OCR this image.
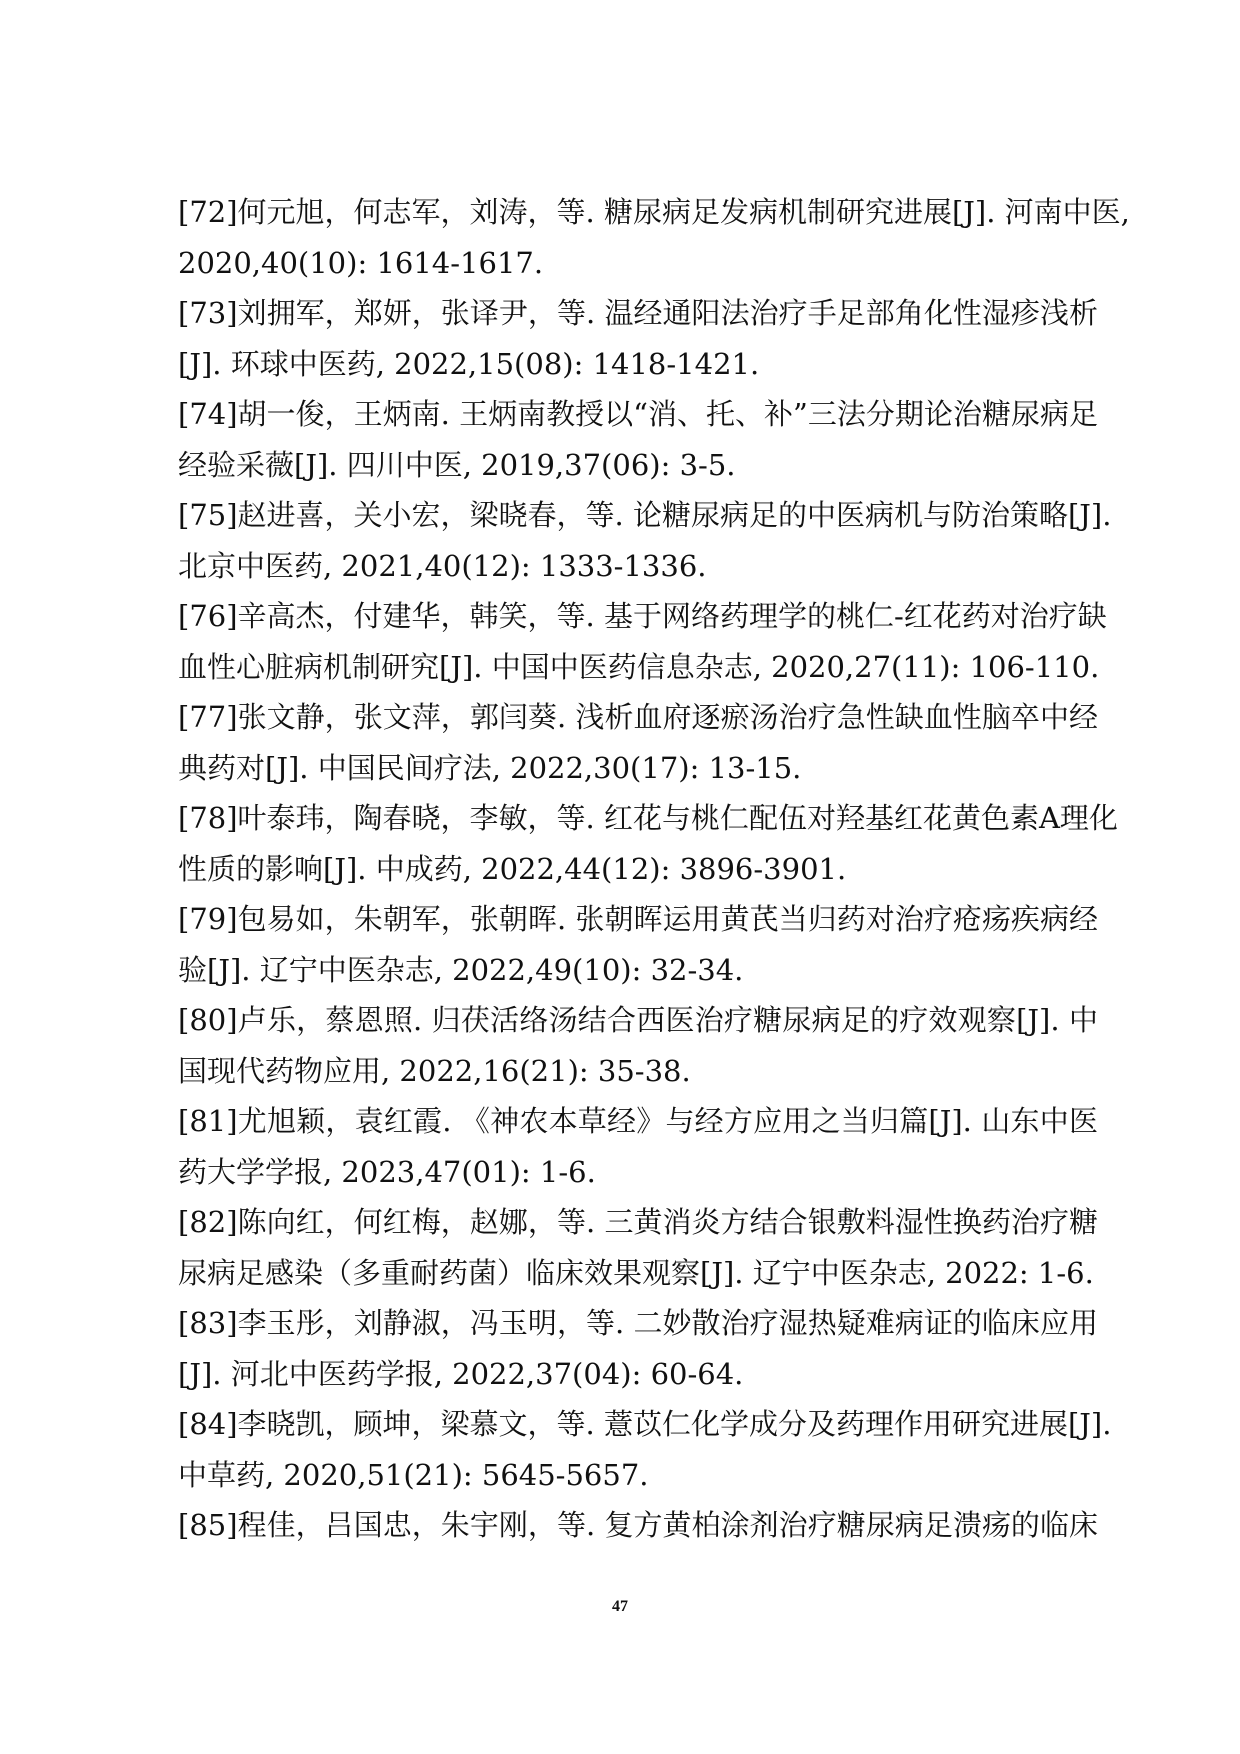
[72]何元旭，何志军，刘涛，等. 糖尿病足发病机制研究进展[J]. 河南中医,
2020,40(10): 1614-1617.
[73]刘拥军，郑妍，张译尹，等. 温经通阳法治疗手足部角化性湿疹浅析
[J]. 环球中医药, 2022,15(08): 1418-1421.
[74]胡一俊，王炳南. 王炳南教授以“消、托、补”三法分期论治糖尿病足
经验采薇[J]. 四川中医, 2019,37(06): 3-5.
[75]赵进喜，关小宏，梁晓春，等. 论糖尿病足的中医病机与防治策略[J].
北京中医药, 2021,40(12): 1333-1336.
[76]辛高杰，付建华，韩笑，等. 基于网络药理学的桃仁-红花药对治疗缺
血性心脏病机制研究[J]. 中国中医药信息杂志, 2020,27(11): 106-110.
[77]张文静，张文萍，郭闫葵. 浅析血府逐瘀汤治疗急性缺血性脑卒中经
典药对[J]. 中国民间疗法, 2022,30(17): 13-15.
[78]叶泰玮，陶春晓，李敏，等. 红花与桃仁配伍对羟基红花黄色素A理化
性质的影响[J]. 中成药, 2022,44(12): 3896-3901.
[79]包易如，朱朝军，张朝晖. 张朝晖运用黄芪当归药对治疗疮疡疾病经
验[J]. 辽宁中医杂志, 2022,49(10): 32-34.
[80]卢乐，蔡恩照. 归茯活络汤结合西医治疗糖尿病足的疗效观察[J]. 中
国现代药物应用, 2022,16(21): 35-38.
[81]尤旭颖，袁红霞. 《神农本草经》与经方应用之当归篇[J]. 山东中医
药大学学报, 2023,47(01): 1-6.
[82]陈向红，何红梅，赵娜，等. 三黄消炎方结合银敷料湿性换药治疗糖
尿病足感染（多重耐药菌）临床效果观察[J]. 辽宁中医杂志, 2022: 1-6.
[83]李玉彤，刘静淑，冯玉明，等. 二妙散治疗湿热疑难病证的临床应用
[J]. 河北中医药学报, 2022,37(04): 60-64.
[84]李晓凯，顾坤，梁慕文，等. 薏苡仁化学成分及药理作用研究进展[J].
中草药, 2020,51(21): 5645-5657.
[85]程佳，吕国忠，朱宇刚，等. 复方黄柏涂剂治疗糖尿病足溃疡的临床
47
